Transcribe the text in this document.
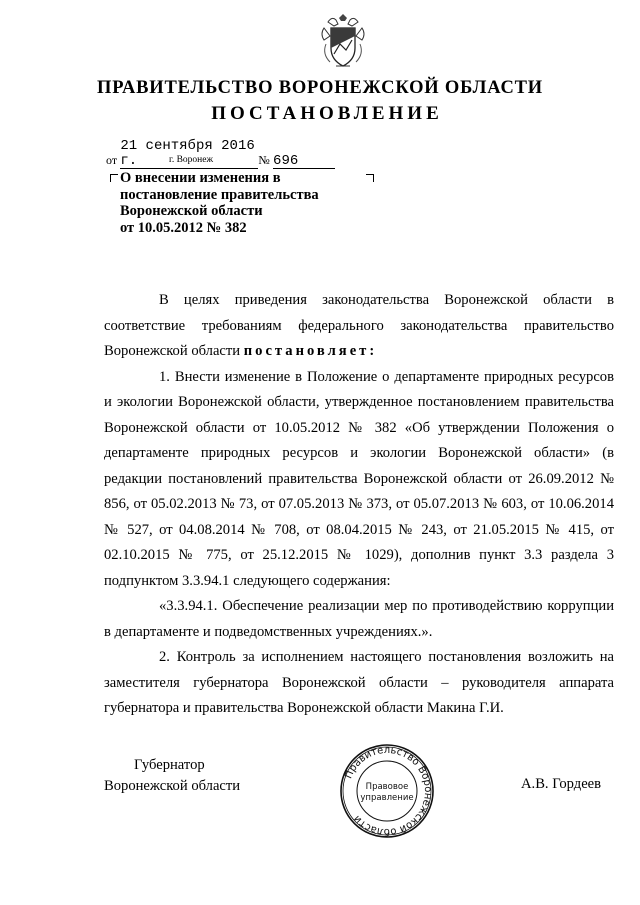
ПРАВИТЕЛЬСТВО ВОРОНЕЖСКОЙ ОБЛАСТИ
ПОСТАНОВЛЕНИЕ
от 21 сентября 2016 г.	№ 696
г. Воронеж
О внесении изменения в
постановление правительства
Воронежской области
от 10.05.2012 № 382

В целях приведения законодательства Воронежской области в соответствие требованиям федерального законодательства правительство Воронежской области постановляет:

1. Внести изменение в Положение о департаменте природных ресурсов и экологии Воронежской области, утвержденное постановлением правительства Воронежской области от 10.05.2012 № 382 «Об утверждении Положения о департаменте природных ресурсов и экологии Воронежской области» (в редакции постановлений правительства Воронежской области от 26.09.2012 № 856, от 05.02.2013 № 73, от 07.05.2013 № 373, от 05.07.2013 № 603, от 10.06.2014 № 527, от 04.08.2014 № 708, от 08.04.2015 № 243, от 21.05.2015 № 415, от 02.10.2015 № 775, от 25.12.2015 № 1029), дополнив пункт 3.3 раздела 3 подпунктом 3.3.94.1 следующего содержания:

«3.3.94.1. Обеспечение реализации мер по противодействию коррупции в департаменте и подведомственных учреждениях.».

2. Контроль за исполнением настоящего постановления возложить на заместителя губернатора Воронежской области – руководителя аппарата губернатора и правительства Воронежской области Макина Г.И.

Губернатор
Воронежской области
Правительство Воронежской области
Правовое
управление
А.В. Гордеев
